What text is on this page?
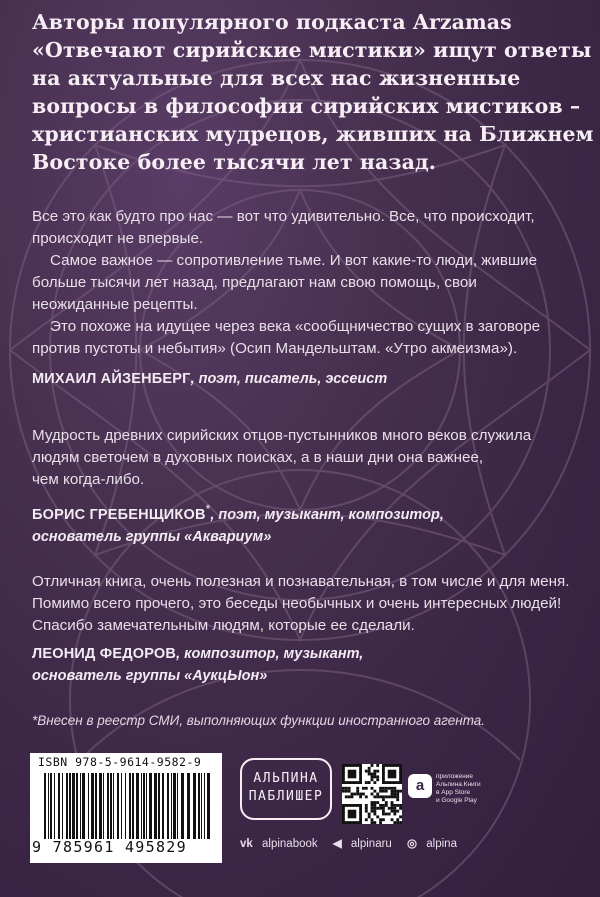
Авторы популярного подкаста Arzamas
«Отвечают сирийские мистики» ищут ответы
на актуальные для всех нас жизненные
вопросы в философии сирийских мистиков –
христианских мудрецов, живших на Ближнем
Востоке более тысячи лет назад.
Все это как будто про нас — вот что удивительно. Все, что происходит,
происходит не впервые.
Самое важное — сопротивление тьме. И вот какие-то люди, жившие
больше тысячи лет назад, предлагают нам свою помощь, свои
неожиданные рецепты.
Это похоже на идущее через века «сообщничество сущих в заговоре
против пустоты и небытия» (Осип Мандельштам. «Утро акмеизма»).
МИХАИЛ АЙЗЕНБЕРГ, поэт, писатель, эссеист
Мудрость древних сирийских отцов-пустынников много веков служила
людям светочем в духовных поисках, а в наши дни она важнее,
чем когда-либо.
БОРИС ГРЕБЕНЩИКОВ*, поэт, музыкант, композитор,
основатель группы «Аквариум»
Отличная книга, очень полезная и познавательная, в том числе и для меня.
Помимо всего прочего, это беседы необычных и очень интересных людей!
Спасибо замечательным людям, которые ее сделали.
ЛЕОНИД ФЕДОРОВ, композитор, музыкант,
основатель группы «АукцЫон»
*Внесен в реестр СМИ, выполняющих функции иностранного агента.
ISBN 978-5-9614-9582-9
9 785961 495829
АЛЬПИНА
ПАБЛИШЕР
a
приложение
Альпина.Книги
в App Store
и Google Play
vk alpinabook ◀ alpinaru ◎ alpina
